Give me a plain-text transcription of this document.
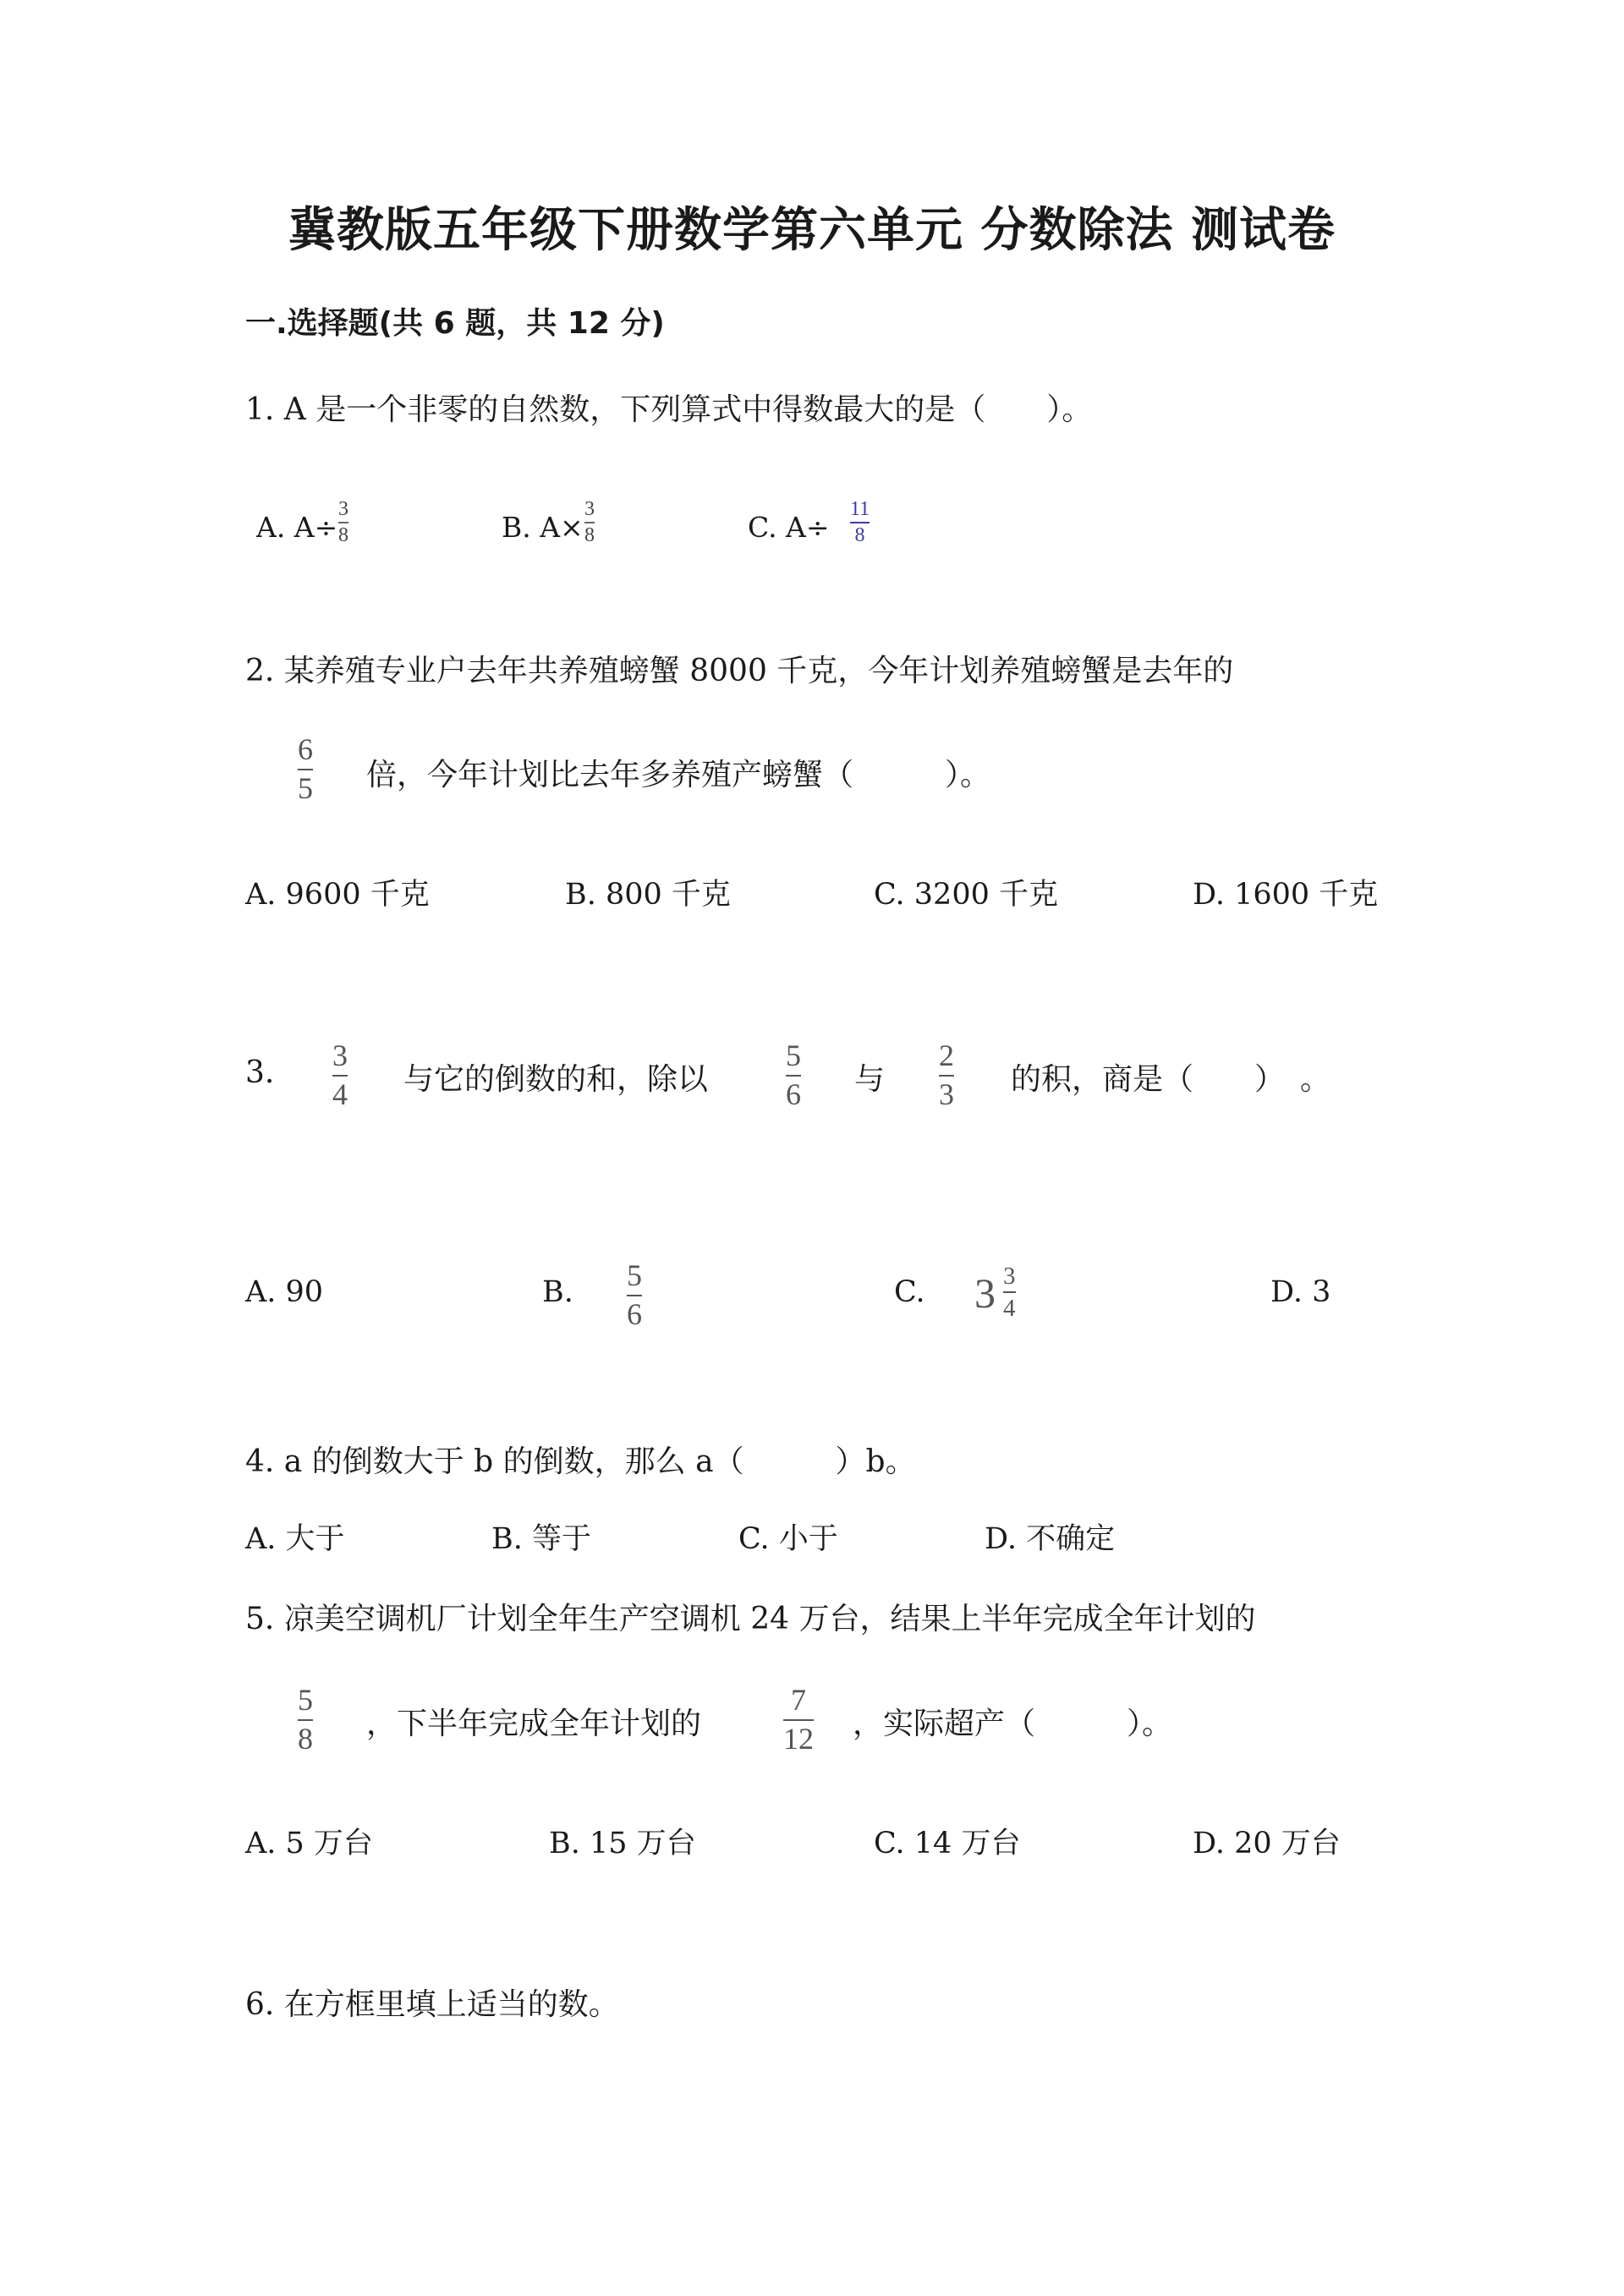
冀教版五年级下册数学第六单元 分数除法 测试卷
一.选择题(共 6 题，共 12 分)
1. A 是一个非零的自然数，下列算式中得数最大的是（　　）。
A. A÷
3
8	B. A×
3
8	C. A÷
11
8
2. 某养殖专业户去年共养殖螃蟹 8000 千克，今年计划养殖螃蟹是去年的
6
5 倍，今年计划比去年多养殖产螃蟹（　　　）。
A. 9600 千克	B. 800 千克	C. 3200 千克	D. 1600 千克
3. 3
4 与它的倒数的和，除以
5
6 与
2
3 的积，商是（　　）　。
A. 90	B. 5
6
C. 3 3
4	D. 3
4. a 的倒数大于 b 的倒数，那么 a（　　　）b。
A. 大于	B. 等于	C. 小于	D. 不确定
5. 凉美空调机厂计划全年生产空调机 24 万台，结果上半年完成全年计划的
5
8 ，下半年完成全年计划的
7
12 ，实际超产（　　　）。
A. 5 万台	B. 15 万台	C. 14 万台	D. 20 万台
6. 在方框里填上适当的数。
